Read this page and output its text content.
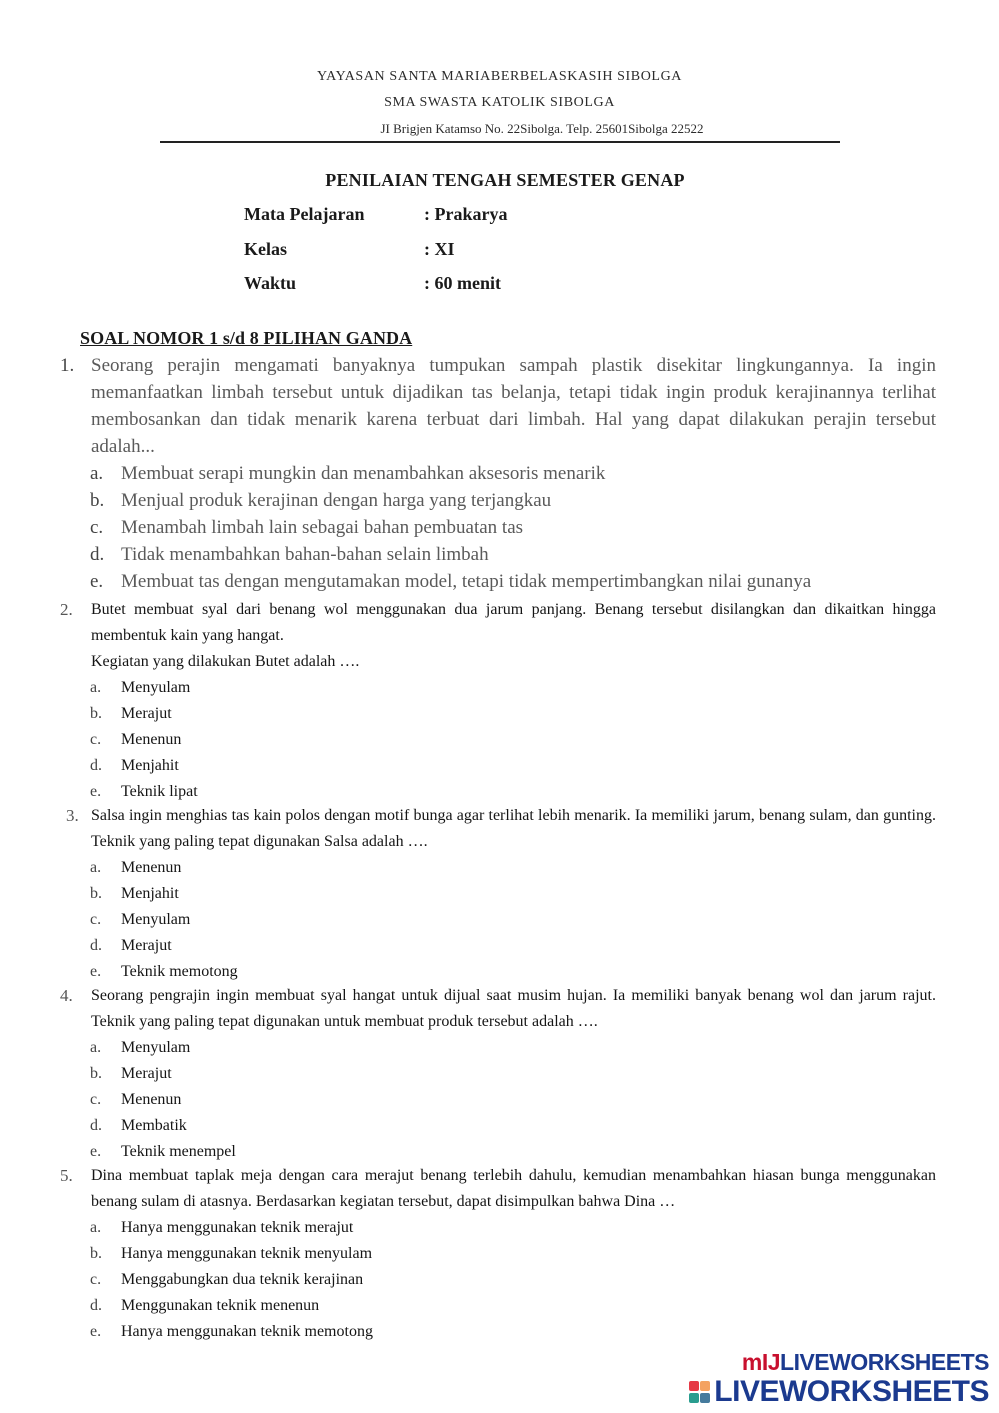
YAYASAN SANTA MARIABERBELASKASIH SIBOLGA
SMA SWASTA KATOLIK SIBOLGA
JI Brigjen Katamso No. 22Sibolga. Telp. 25601Sibolga 22522
PENILAIAN TENGAH SEMESTER GENAP
Mata Pelajaran	: Prakarya
Kelas	: XI
Waktu	: 60 menit
SOAL NOMOR 1 s/d 8 PILIHAN GANDA
1. Seorang perajin mengamati banyaknya tumpukan sampah plastik disekitar lingkungannya. Ia ingin memanfaatkan limbah tersebut untuk dijadikan tas belanja, tetapi tidak ingin produk kerajinannya terlihat membosankan dan tidak menarik karena terbuat dari limbah. Hal yang dapat dilakukan perajin tersebut adalah...

a. Membuat serapi mungkin dan menambahkan aksesoris menarik
b. Menjual produk kerajinan dengan harga yang terjangkau
c. Menambah limbah lain sebagai bahan pembuatan tas
d. Tidak menambahkan bahan-bahan selain limbah
e. Membuat tas dengan mengutamakan model, tetapi tidak mempertimbangkan nilai gunanya
2.	Butet membuat syal dari benang wol menggunakan dua jarum panjang. Benang tersebut disilangkan dan dikaitkan hingga membentuk kain yang hangat.

Kegiatan yang dilakukan Butet adalah ….

a. Menyulam
b. Merajut
c. Menenun
d. Menjahit
e. Teknik lipat
3. Salsa ingin menghias tas kain polos dengan motif bunga agar terlihat lebih menarik. Ia memiliki jarum, benang sulam, dan gunting. Teknik yang paling tepat digunakan Salsa adalah ….

a. Menenun
b. Menjahit
c. Menyulam
d. Merajut
e. Teknik memotong
4.	Seorang pengrajin ingin membuat syal hangat untuk dijual saat musim hujan. Ia memiliki banyak benang wol dan jarum rajut. Teknik yang paling tepat digunakan untuk membuat produk tersebut adalah ….

a. Menyulam
b. Merajut
c. Menenun
d. Membatik
e. Teknik menempel
5.	Dina membuat taplak meja dengan cara merajut benang terlebih dahulu, kemudian menambahkan hiasan bunga menggunakan benang sulam di atasnya. Berdasarkan kegiatan tersebut, dapat disimpulkan bahwa Dina …

a. Hanya menggunakan teknik merajut
b. Hanya menggunakan teknik menyulam
c. Menggabungkan dua teknik kerajinan
d. Menggunakan teknik menenun
e. Hanya menggunakan teknik memotong
mIJLIVEWORKSHEETS
LIVEWORKSHEETS
